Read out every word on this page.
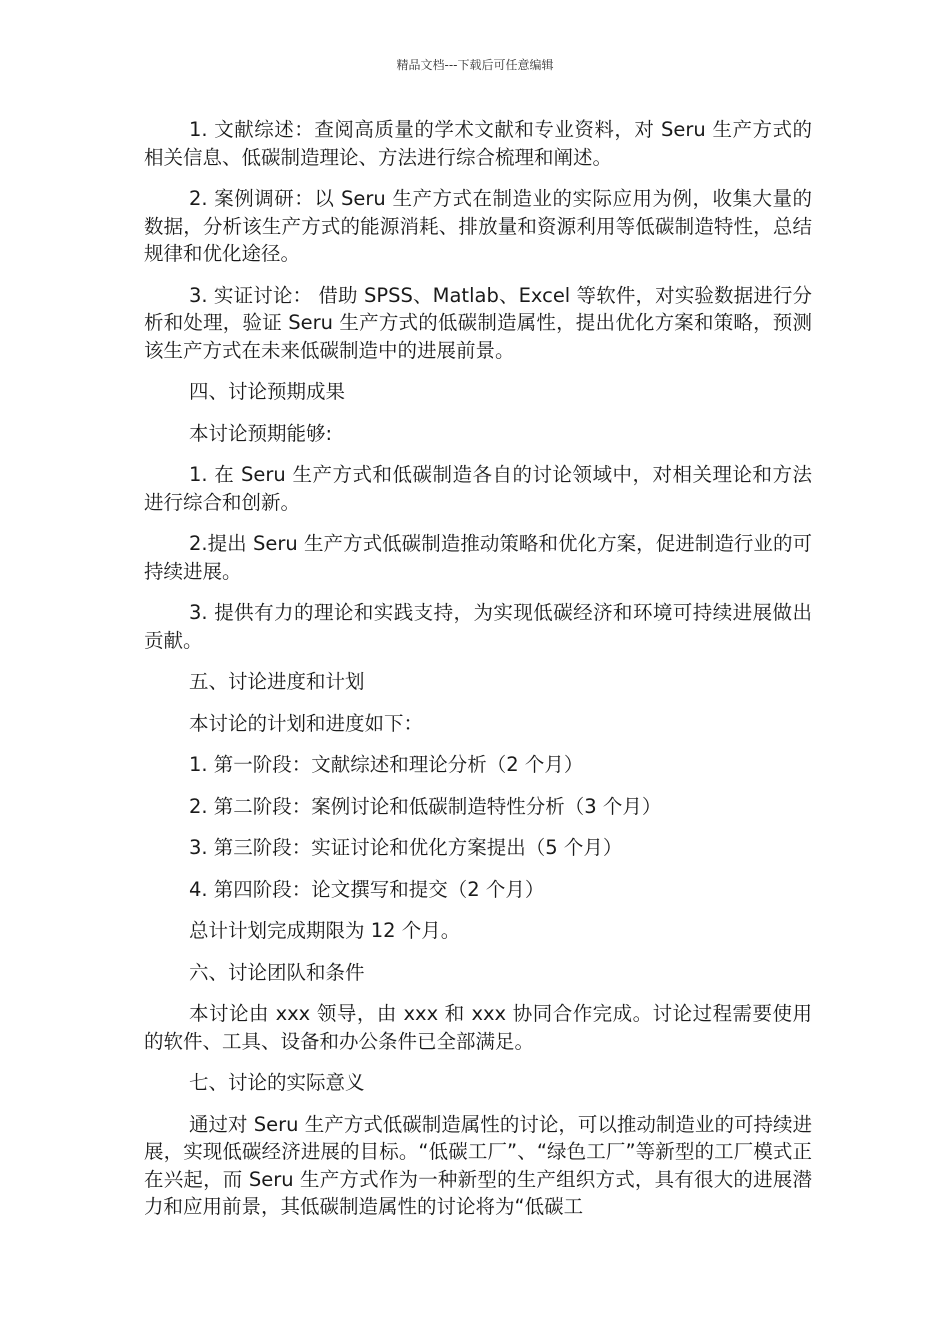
精品文档---下载后可任意编辑

1. 文献综述：查阅高质量的学术文献和专业资料，对 Seru 生产方式的相关信息、低碳制造理论、方法进行综合梳理和阐述。

2. 案例调研：以 Seru 生产方式在制造业的实际应用为例，收集大量的数据，分析该生产方式的能源消耗、排放量和资源利用等低碳制造特性，总结规律和优化途径。

3. 实证讨论： 借助 SPSS、Matlab、Excel 等软件，对实验数据进行分析和处理，验证 Seru 生产方式的低碳制造属性，提出优化方案和策略，预测该生产方式在未来低碳制造中的进展前景。

四、讨论预期成果

本讨论预期能够:

1. 在 Seru 生产方式和低碳制造各自的讨论领域中，对相关理论和方法进行综合和创新。

2.提出 Seru 生产方式低碳制造推动策略和优化方案，促进制造行业的可持续进展。

3. 提供有力的理论和实践支持，为实现低碳经济和环境可持续进展做出贡献。

五、讨论进度和计划

本讨论的计划和进度如下：

1. 第一阶段：文献综述和理论分析（2 个月）

2. 第二阶段：案例讨论和低碳制造特性分析（3 个月）

3. 第三阶段：实证讨论和优化方案提出（5 个月）

4. 第四阶段：论文撰写和提交（2 个月）

总计计划完成期限为 12 个月。

六、讨论团队和条件

本讨论由 xxx 领导，由 xxx 和 xxx 协同合作完成。讨论过程需要使用的软件、工具、设备和办公条件已全部满足。

七、讨论的实际意义

通过对 Seru 生产方式低碳制造属性的讨论，可以推动制造业的可持续进展，实现低碳经济进展的目标。“低碳工厂”、“绿色工厂”等新型的工厂模式正在兴起，而 Seru 生产方式作为一种新型的生产组织方式，具有很大的进展潜力和应用前景，其低碳制造属性的讨论将为“低碳工
